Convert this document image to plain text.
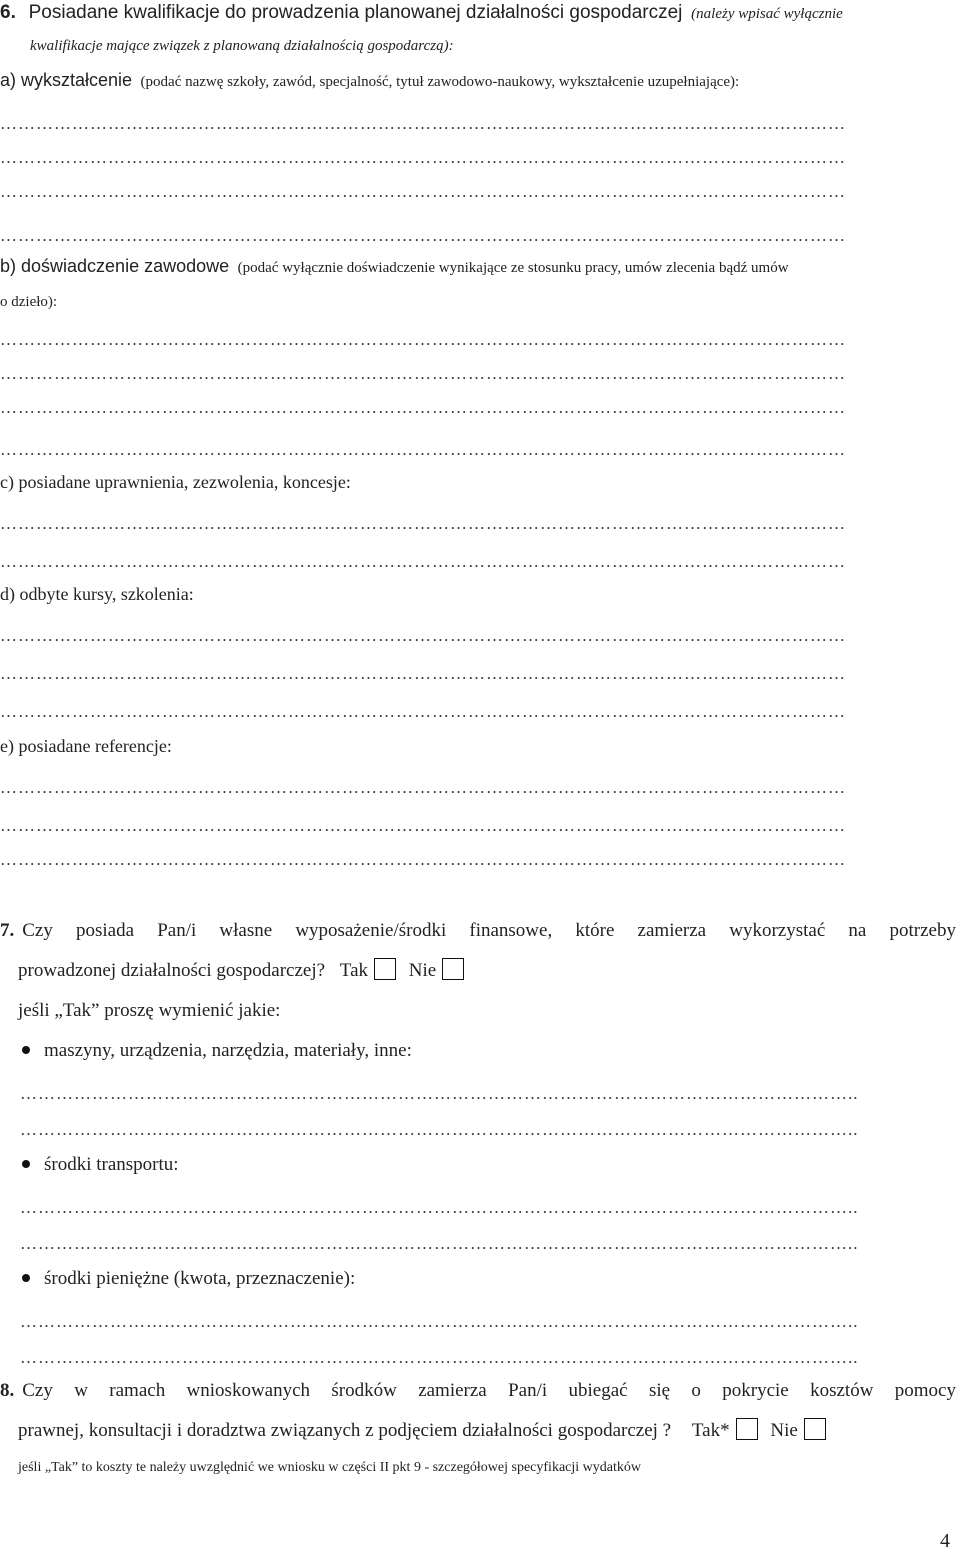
6. Posiadane kwalifikacje do prowadzenia planowanej działalności gospodarczej (należy wpisać wyłącznie
kwalifikacje mające związek z planowaną działalnością gospodarczą):
a) wykształcenie (podać nazwę szkoły, zawód, specjalność, tytuł zawodowo-naukowy, wykształcenie uzupełniające):
……………………………………………………………………………………………………………………………
……………………………………………………………………………………………………………………………
……………………………………………………………………………………………………………………………
……………………………………………………………………………………………………………………………
b) doświadczenie zawodowe (podać wyłącznie doświadczenie wynikające ze stosunku pracy, umów zlecenia bądź umów
o dzieło):
……………………………………………………………………………………………………………………………
……………………………………………………………………………………………………………………………
……………………………………………………………………………………………………………………………
……………………………………………………………………………………………………………………………
c) posiadane uprawnienia, zezwolenia, koncesje:
……………………………………………………………………………………………………………………………
……………………………………………………………………………………………………………………………
d) odbyte kursy, szkolenia:
……………………………………………………………………………………………………………………………
……………………………………………………………………………………………………………………………
……………………………………………………………………………………………………………………………
e) posiadane referencje:
……………………………………………………………………………………………………………………………
……………………………………………………………………………………………………………………………
……………………………………………………………………………………………………………………………
7. Czy posiada Pan/i własne wyposażenie/środki finansowe, które zamierza wykorzystać na potrzeby
prowadzonej działalności gospodarczej? Tak Nie
jeśli „Tak” proszę wymienić jakie:
maszyny, urządzenia, narzędzia, materiały, inne:
…………………………………………………………………………………………………………………………..
…………………………………………………………………………………………………………………………..
środki transportu:
…………………………………………………………………………………………………………………………..
…………………………………………………………………………………………………………………………..
środki pieniężne (kwota, przeznaczenie):
…………………………………………………………………………………………………………………………..
…………………………………………………………………………………………………………………………..
8. Czy w ramach wnioskowanych środków zamierza Pan/i ubiegać się o pokrycie kosztów pomocy
prawnej, konsultacji i doradztwa związanych z podjęciem działalności gospodarczej ? Tak* Nie
jeśli „Tak” to koszty te należy uwzględnić we wniosku w części II pkt 9 - szczegółowej specyfikacji wydatków
4
